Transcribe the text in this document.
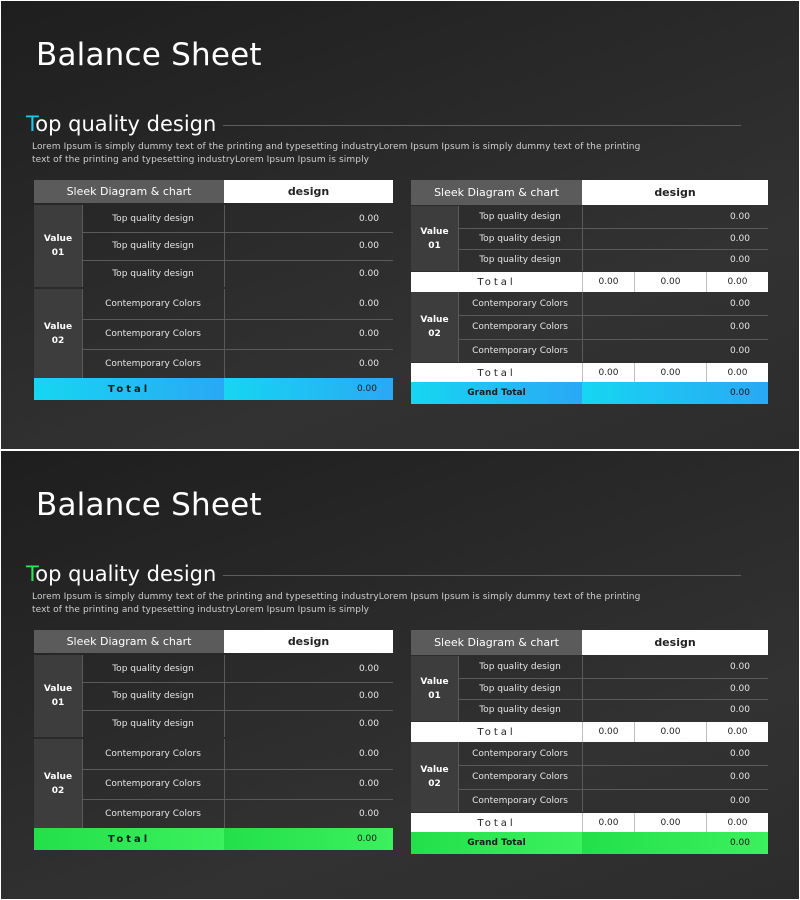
Balance Sheet
Top quality design
Lorem Ipsum is simply dummy text of the printing and typesetting industryLorem Ipsum Ipsum is simply dummy text of the printing text of the printing and typesetting industryLorem Ipsum Ipsum is simply
Sleek Diagram & chart	design
Value 01
Top quality design	0.00
Top quality design	0.00
Top quality design	0.00
Value 02
Contemporary Colors	0.00
Contemporary Colors	0.00
Contemporary Colors	0.00
Total	0.00
Sleek Diagram & chart	design
Value 01
Top quality design	0.00
Top quality design	0.00
Top quality design	0.00
Total	0.00	0.00	0.00
Value 02
Contemporary Colors	0.00
Contemporary Colors	0.00
Contemporary Colors	0.00
Total	0.00	0.00	0.00
Grand Total	0.00
Balance Sheet
Top quality design
Lorem Ipsum is simply dummy text of the printing and typesetting industryLorem Ipsum Ipsum is simply dummy text of the printing text of the printing and typesetting industryLorem Ipsum Ipsum is simply
Sleek Diagram & chart	design
Value 01
Top quality design	0.00
Top quality design	0.00
Top quality design	0.00
Value 02
Contemporary Colors	0.00
Contemporary Colors	0.00
Contemporary Colors	0.00
Total	0.00
Sleek Diagram & chart	design
Value 01
Top quality design	0.00
Top quality design	0.00
Top quality design	0.00
Total	0.00	0.00	0.00
Value 02
Contemporary Colors	0.00
Contemporary Colors	0.00
Contemporary Colors	0.00
Total	0.00	0.00	0.00
Grand Total	0.00
